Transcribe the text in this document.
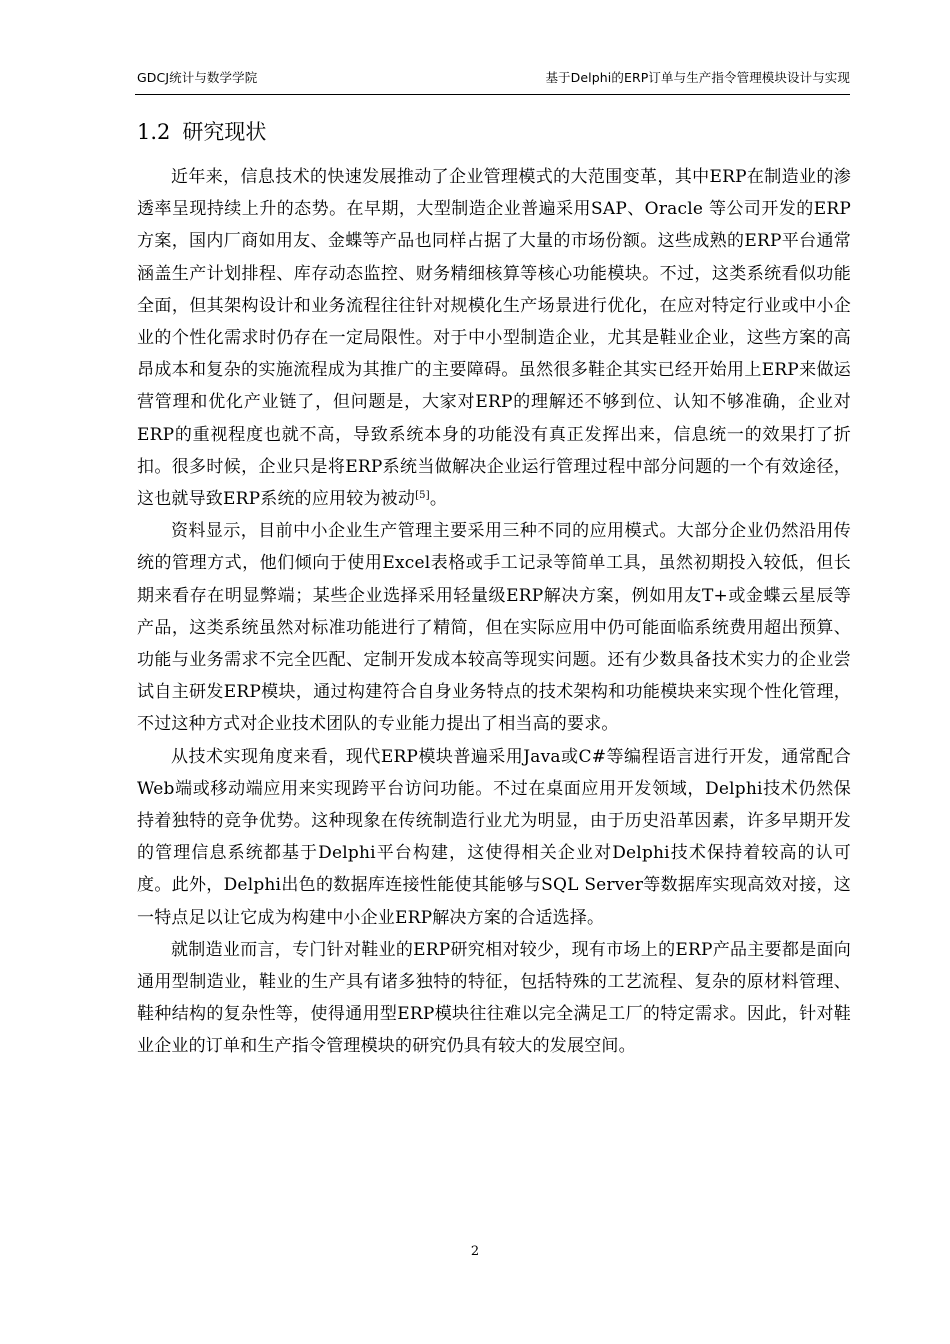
GDCJ统计与数学学院	基于Delphi的ERP订单与生产指令管理模块设计与实现
1.2 研究现状

近年来，信息技术的快速发展推动了企业管理模式的大范围变革，其中ERP在制造业的渗透率呈现持续上升的态势。在早期，大型制造企业普遍采用SAP、Oracle 等公司开发的ERP方案，国内厂商如用友、金蝶等产品也同样占据了大量的市场份额。这些成熟的ERP平台通常涵盖生产计划排程、库存动态监控、财务精细核算等核心功能模块。不过，这类系统看似功能全面，但其架构设计和业务流程往往针对规模化生产场景进行优化，在应对特定行业或中小企业的个性化需求时仍存在一定局限性。对于中小型制造企业，尤其是鞋业企业，这些方案的高昂成本和复杂的实施流程成为其推广的主要障碍。虽然很多鞋企其实已经开始用上ERP来做运营管理和优化产业链了，但问题是，大家对ERP的理解还不够到位、认知不够准确，企业对ERP的重视程度也就不高，导致系统本身的功能没有真正发挥出来，信息统一的效果打了折扣。很多时候，企业只是将ERP系统当做解决企业运行管理过程中部分问题的一个有效途径，这也就导致ERP系统的应用较为被动[5]。

资料显示，目前中小企业生产管理主要采用三种不同的应用模式。大部分企业仍然沿用传统的管理方式，他们倾向于使用Excel表格或手工记录等简单工具，虽然初期投入较低，但长期来看存在明显弊端；某些企业选择采用轻量级ERP解决方案，例如用友T+或金蝶云星辰等产品，这类系统虽然对标准功能进行了精简，但在实际应用中仍可能面临系统费用超出预算、功能与业务需求不完全匹配、定制开发成本较高等现实问题。还有少数具备技术实力的企业尝试自主研发ERP模块，通过构建符合自身业务特点的技术架构和功能模块来实现个性化管理，不过这种方式对企业技术团队的专业能力提出了相当高的要求。

从技术实现角度来看，现代ERP模块普遍采用Java或C#等编程语言进行开发，通常配合Web端或移动端应用来实现跨平台访问功能。不过在桌面应用开发领域，Delphi技术仍然保持着独特的竞争优势。这种现象在传统制造行业尤为明显，由于历史沿革因素，许多早期开发的管理信息系统都基于Delphi平台构建，这使得相关企业对Delphi技术保持着较高的认可度。此外，Delphi出色的数据库连接性能使其能够与SQL Server等数据库实现高效对接，这一特点足以让它成为构建中小企业ERP解决方案的合适选择。

就制造业而言，专门针对鞋业的ERP研究相对较少，现有市场上的ERP产品主要都是面向通用型制造业，鞋业的生产具有诸多独特的特征，包括特殊的工艺流程、复杂的原材料管理、鞋种结构的复杂性等，使得通用型ERP模块往往难以完全满足工厂的特定需求。因此，针对鞋业企业的订单和生产指令管理模块的研究仍具有较大的发展空间。

2
